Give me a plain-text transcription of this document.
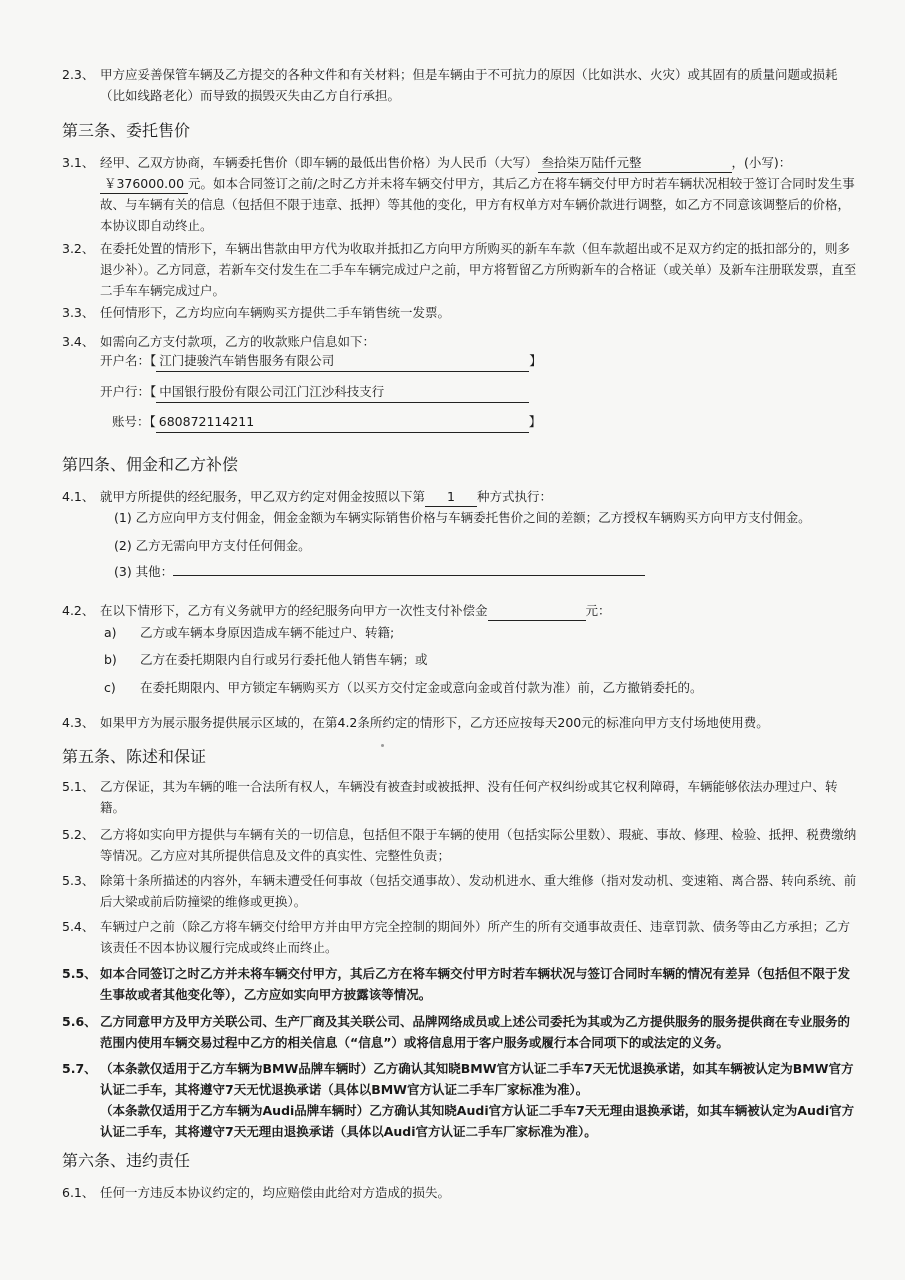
2.3、 甲方应妥善保管车辆及乙方提交的各种文件和有关材料；但是车辆由于不可抗力的原因（比如洪水、火灾）或其固有的质量问题或损耗（比如线路老化）而导致的损毁灭失由乙方自行承担。
第三条、委托售价
3.1、 经甲、乙双方协商，车辆委托售价（即车辆的最低出售价格）为人民币（大写） 叁拾柒万陆仟元整	，(小写)：￥376000.00 元。如本合同签订之前/之时乙方并未将车辆交付甲方，其后乙方在将车辆交付甲方时若车辆状况相较于签订合同时发生事故、与车辆有关的信息（包括但不限于违章、抵押）等其他的变化，甲方有权单方对车辆价款进行调整，如乙方不同意该调整后的价格，本协议即自动终止。
3.2、 在委托处置的情形下，车辆出售款由甲方代为收取并抵扣乙方向甲方所购买的新车车款（但车款超出或不足双方约定的抵扣部分的，则多退少补）。乙方同意，若新车交付发生在二手车车辆完成过户之前，甲方将暂留乙方所购新车的合格证（或关单）及新车注册联发票，直至二手车车辆完成过户。
3.3、 任何情形下，乙方均应向车辆购买方提供二手车销售统一发票。
3.4、 如需向乙方支付款项，乙方的收款账户信息如下：
开户名：【 江门捷骏汽车销售服务有限公司	】
开户行：【 中国银行股份有限公司江门江沙科技支行
账号：【 680872114211	】
第四条、佣金和乙方补偿
4.1、 就甲方所提供的经纪服务，甲乙双方约定对佣金按照以下第 1 种方式执行：
(1) 乙方应向甲方支付佣金，佣金金额为车辆实际销售价格与车辆委托售价之间的差额；乙方授权车辆购买方向甲方支付佣金。
(2) 乙方无需向甲方支付任何佣金。
(3) 其他：
4.2、 在以下情形下，乙方有义务就甲方的经纪服务向甲方一次性支付补偿金	元：
a) 乙方或车辆本身原因造成车辆不能过户、转籍;
b) 乙方在委托期限内自行或另行委托他人销售车辆；或
c) 在委托期限内、甲方锁定车辆购买方（以买方交付定金或意向金或首付款为准）前，乙方撤销委托的。
4.3、 如果甲方为展示服务提供展示区域的，在第4.2条所约定的情形下，乙方还应按每天200元的标准向甲方支付场地使用费。
第五条、陈述和保证
5.1、 乙方保证，其为车辆的唯一合法所有权人，车辆没有被查封或被抵押、没有任何产权纠纷或其它权利障碍，车辆能够依法办理过户、转籍。
5.2、 乙方将如实向甲方提供与车辆有关的一切信息，包括但不限于车辆的使用（包括实际公里数）、瑕疵、事故、修理、检验、抵押、税费缴纳等情况。乙方应对其所提供信息及文件的真实性、完整性负责；
5.3、 除第十条所描述的内容外，车辆未遭受任何事故（包括交通事故）、发动机进水、重大维修（指对发动机、变速箱、离合器、转向系统、前后大梁或前后防撞梁的维修或更换）。
5.4、 车辆过户之前（除乙方将车辆交付给甲方并由甲方完全控制的期间外）所产生的所有交通事故责任、违章罚款、债务等由乙方承担；乙方该责任不因本协议履行完成或终止而终止。
5.5、 如本合同签订之时乙方并未将车辆交付甲方，其后乙方在将车辆交付甲方时若车辆状况与签订合同时车辆的情况有差异（包括但不限于发生事故或者其他变化等），乙方应如实向甲方披露该等情况。
5.6、 乙方同意甲方及甲方关联公司、生产厂商及其关联公司、品牌网络成员或上述公司委托为其或为乙方提供服务的服务提供商在专业服务的范围内使用车辆交易过程中乙方的相关信息（“信息”）或将信息用于客户服务或履行本合同项下的或法定的义务。
5.7、 （本条款仅适用于乙方车辆为BMW品牌车辆时）乙方确认其知晓BMW官方认证二手车7天无忧退换承诺，如其车辆被认定为BMW官方认证二手车，其将遵守7天无忧退换承诺（具体以BMW官方认证二手车厂家标准为准）。
（本条款仅适用于乙方车辆为Audi品牌车辆时）乙方确认其知晓Audi官方认证二手车7天无理由退换承诺，如其车辆被认定为Audi官方认证二手车，其将遵守7天无理由退换承诺（具体以Audi官方认证二手车厂家标准为准）。
第六条、违约责任
6.1、 任何一方违反本协议约定的，均应赔偿由此给对方造成的损失。
